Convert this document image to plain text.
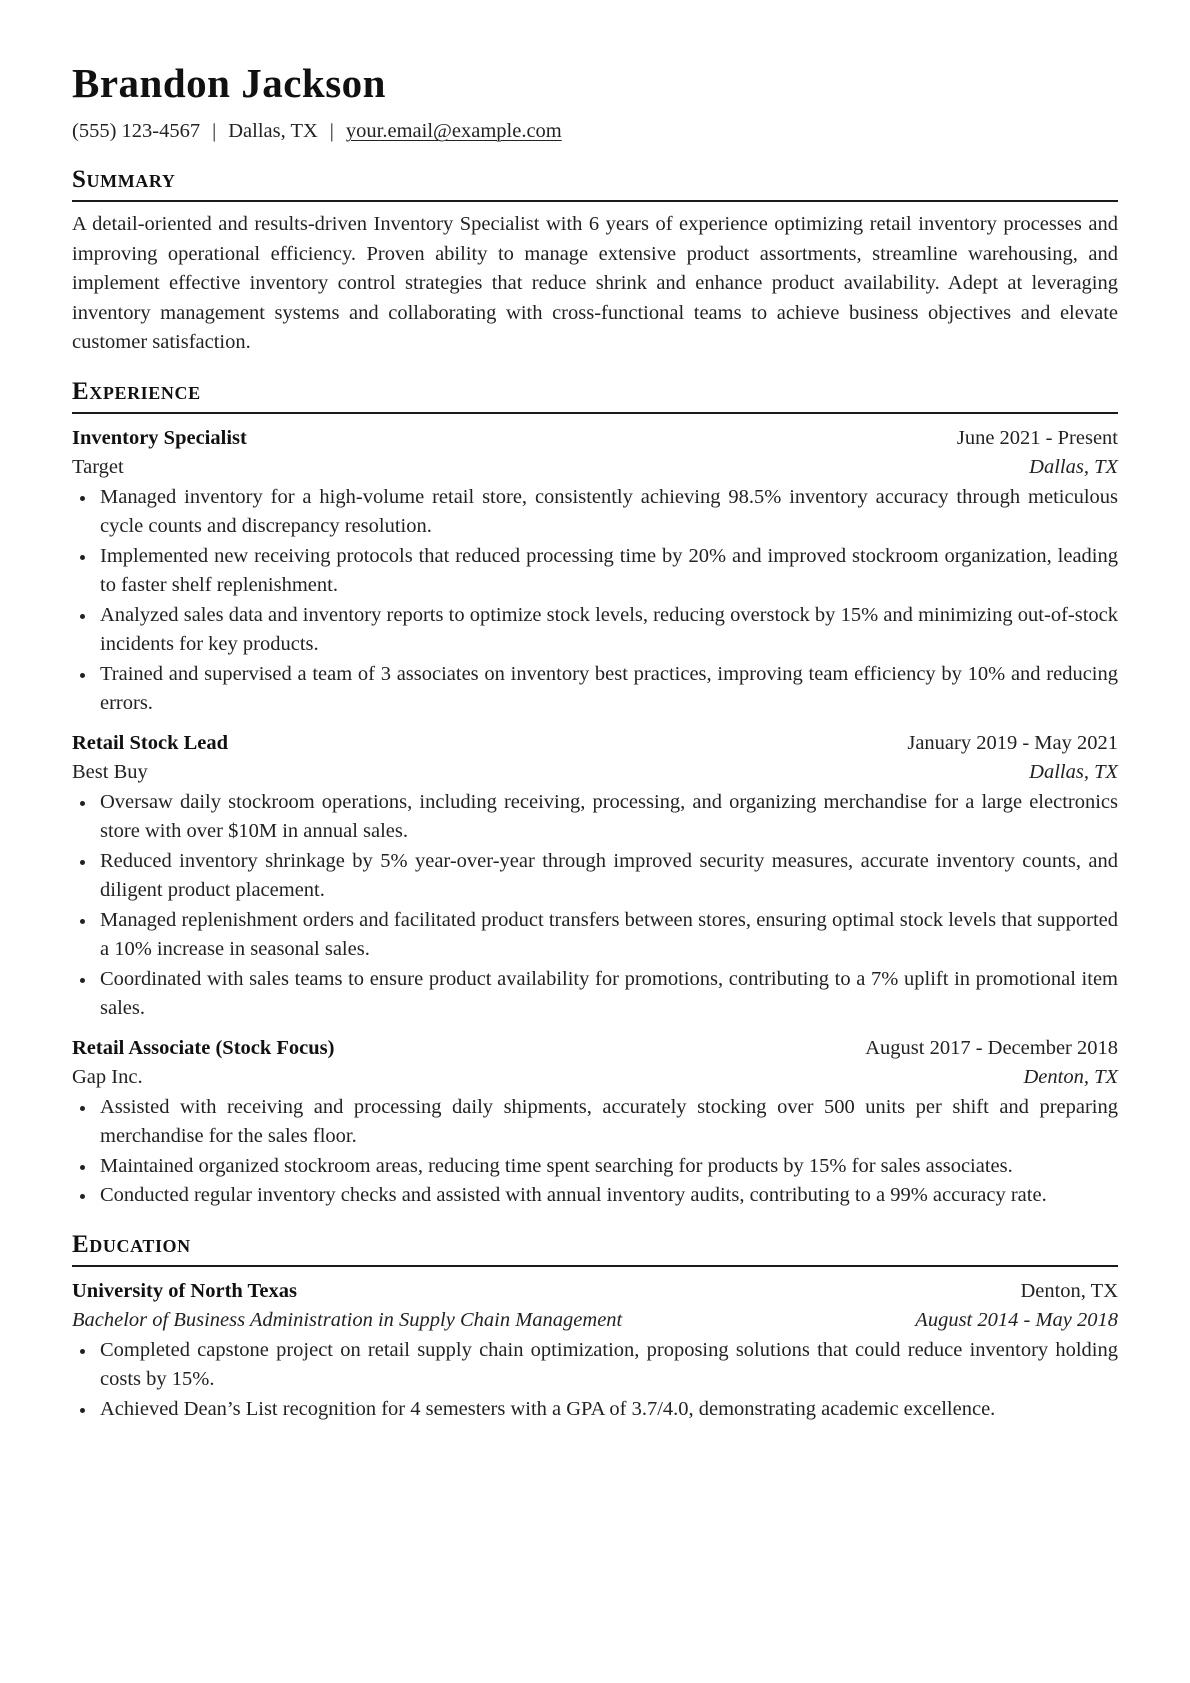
Brandon Jackson
(555) 123-4567 | Dallas, TX | your.email@example.com
Summary

A detail-oriented and results-driven Inventory Specialist with 6 years of experience optimizing retail inventory processes and improving operational efficiency. Proven ability to manage extensive product assortments, streamline warehousing, and implement effective inventory control strategies that reduce shrink and enhance product availability. Adept at leveraging inventory management systems and collaborating with cross-functional teams to achieve business objectives and elevate customer satisfaction.

Experience
Inventory Specialist	June 2021 - Present
Target	Dallas, TX
Managed inventory for a high-volume retail store, consistently achieving 98.5% inventory accuracy through meticulous cycle counts and discrepancy resolution.
Implemented new receiving protocols that reduced processing time by 20% and improved stockroom organization, leading to faster shelf replenishment.
Analyzed sales data and inventory reports to optimize stock levels, reducing overstock by 15% and minimizing out-of-stock incidents for key products.
Trained and supervised a team of 3 associates on inventory best practices, improving team efficiency by 10% and reducing errors.
Retail Stock Lead	January 2019 - May 2021
Best Buy	Dallas, TX
Oversaw daily stockroom operations, including receiving, processing, and organizing merchandise for a large electronics store with over $10M in annual sales.
Reduced inventory shrinkage by 5% year-over-year through improved security measures, accurate inventory counts, and diligent product placement.
Managed replenishment orders and facilitated product transfers between stores, ensuring optimal stock levels that supported a 10% increase in seasonal sales.
Coordinated with sales teams to ensure product availability for promotions, contributing to a 7% uplift in promotional item sales.
Retail Associate (Stock Focus)	August 2017 - December 2018
Gap Inc.	Denton, TX
Assisted with receiving and processing daily shipments, accurately stocking over 500 units per shift and preparing merchandise for the sales floor.
Maintained organized stockroom areas, reducing time spent searching for products by 15% for sales associates.
Conducted regular inventory checks and assisted with annual inventory audits, contributing to a 99% accuracy rate.
Education
University of North Texas	Denton, TX
Bachelor of Business Administration in Supply Chain Management	August 2014 - May 2018
Completed capstone project on retail supply chain optimization, proposing solutions that could reduce inventory holding costs by 15%.
Achieved Dean’s List recognition for 4 semesters with a GPA of 3.7/4.0, demonstrating academic excellence.
